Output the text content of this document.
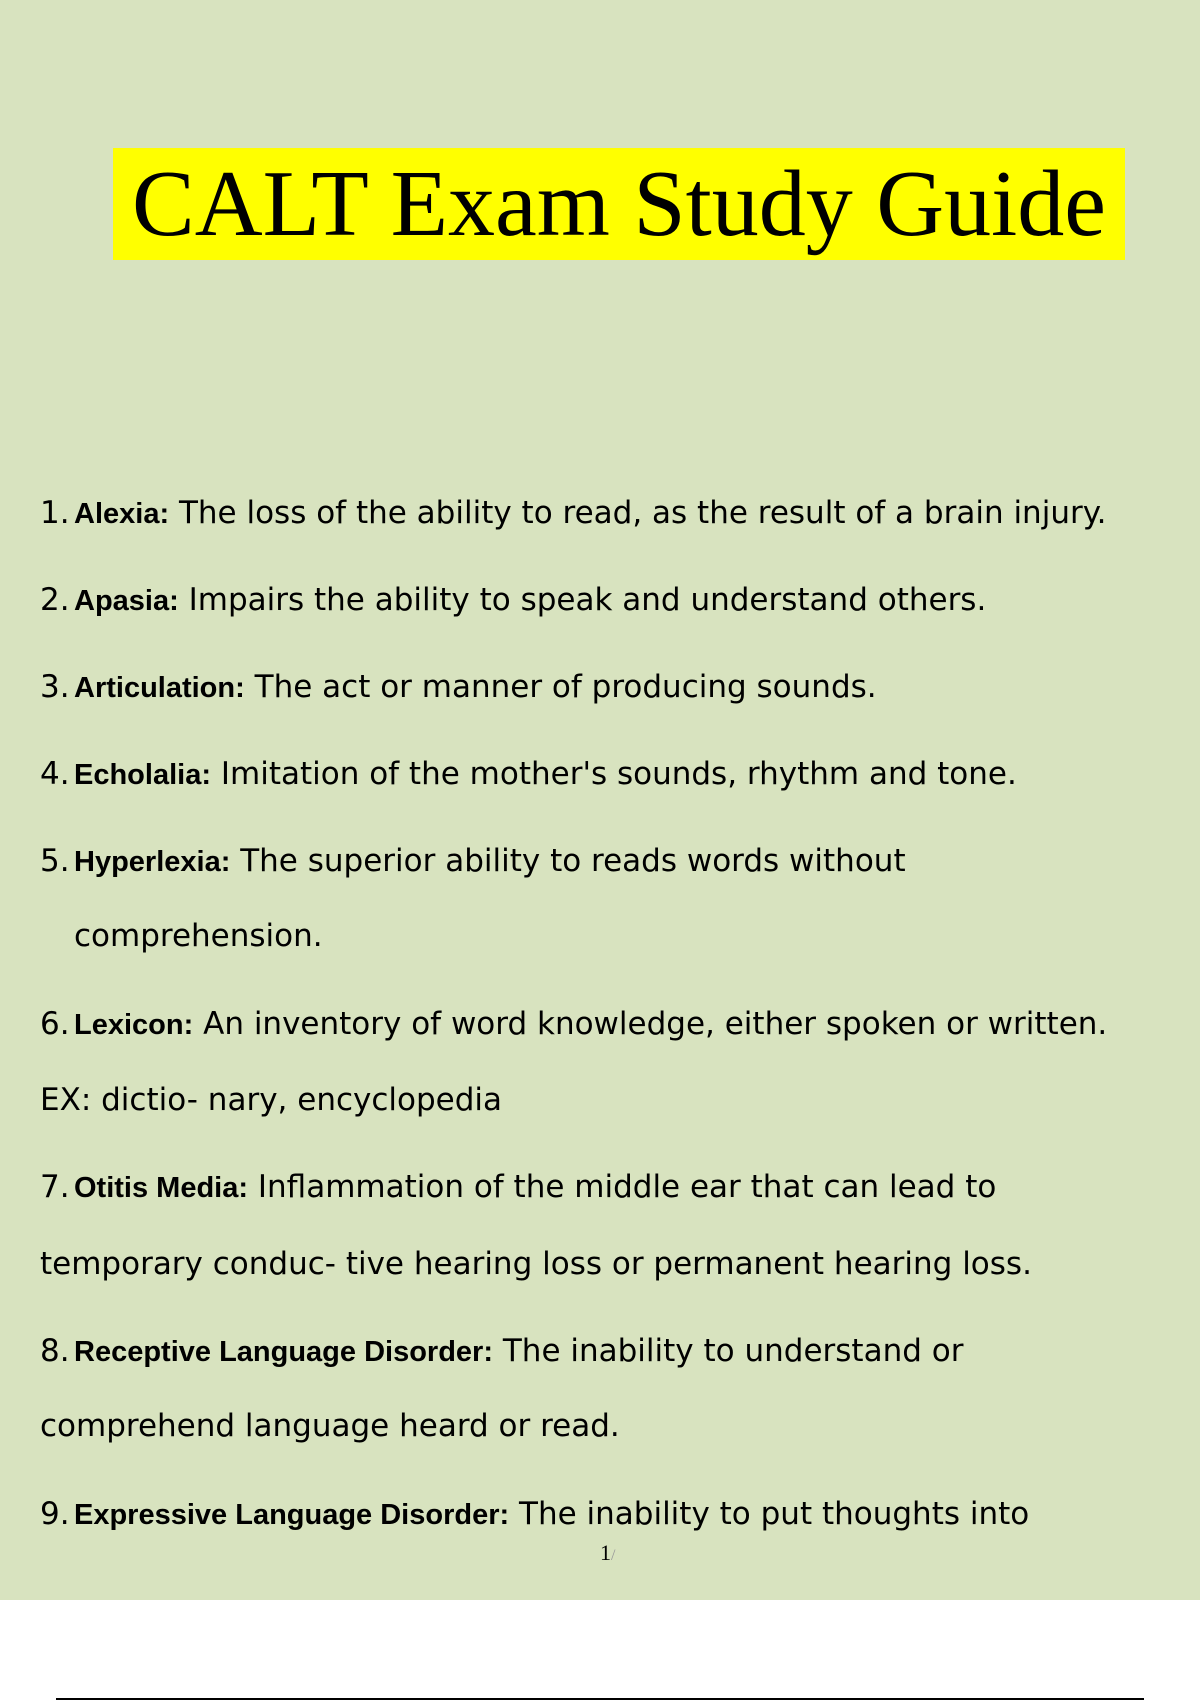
CALT Exam Study Guide
1. Alexia: The loss of the ability to read, as the result of a brain injury.
2. Apasia: Impairs the ability to speak and understand others.
3. Articulation: The act or manner of producing sounds.
4. Echolalia: Imitation of the mother's sounds, rhythm and tone.
5. Hyperlexia: The superior ability to reads words without
comprehension.
6. Lexicon: An inventory of word knowledge, either spoken or written.
EX: dictio- nary, encyclopedia
7. Otitis Media: Inflammation of the middle ear that can lead to
temporary conduc- tive hearing loss or permanent hearing loss.
8. Receptive Language Disorder: The inability to understand or
comprehend language heard or read.
9. Expressive Language Disorder: The inability to put thoughts into
1/
